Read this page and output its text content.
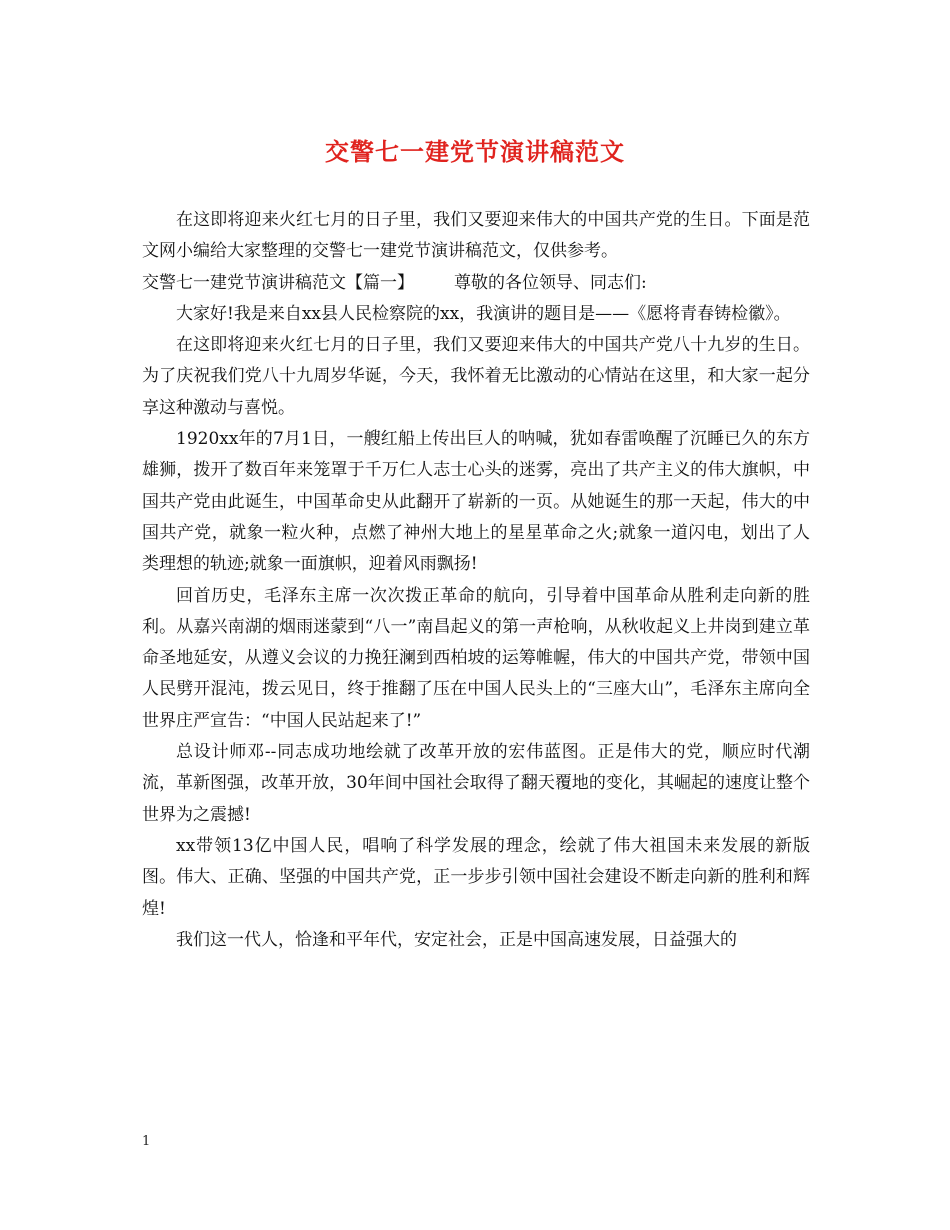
交警七一建党节演讲稿范文

在这即将迎来火红七月的日子里，我们又要迎来伟大的中国共产党的生日。下面是范文网小编给大家整理的交警七一建党节演讲稿范文，仅供参考。

交警七一建党节演讲稿范文【篇一】 尊敬的各位领导、同志们:

大家好!我是来自xx县人民检察院的xx，我演讲的题目是——《愿将青春铸检徽》。

在这即将迎来火红七月的日子里，我们又要迎来伟大的中国共产党八十九岁的生日。为了庆祝我们党八十九周岁华诞，今天，我怀着无比激动的心情站在这里，和大家一起分享这种激动与喜悦。

1920xx年的7月1日，一艘红船上传出巨人的呐喊，犹如春雷唤醒了沉睡已久的东方雄狮，拨开了数百年来笼罩于千万仁人志士心头的迷雾，亮出了共产主义的伟大旗帜，中国共产党由此诞生，中国革命史从此翻开了崭新的一页。从她诞生的那一天起，伟大的中国共产党，就象一粒火种，点燃了神州大地上的星星革命之火;就象一道闪电，划出了人类理想的轨迹;就象一面旗帜，迎着风雨飘扬!

回首历史，毛泽东主席一次次拨正革命的航向，引导着中国革命从胜利走向新的胜利。从嘉兴南湖的烟雨迷蒙到“八一”南昌起义的第一声枪响，从秋收起义上井岗到建立革命圣地延安，从遵义会议的力挽狂澜到西柏坡的运筹帷幄，伟大的中国共产党，带领中国人民劈开混沌，拨云见日，终于推翻了压在中国人民头上的“三座大山”，毛泽东主席向全世界庄严宣告：“中国人民站起来了!”

总设计师邓--同志成功地绘就了改革开放的宏伟蓝图。正是伟大的党，顺应时代潮流，革新图强，改革开放，30年间中国社会取得了翻天覆地的变化，其崛起的速度让整个世界为之震撼!

xx带领13亿中国人民，唱响了科学发展的理念，绘就了伟大祖国未来发展的新版图。伟大、正确、坚强的中国共产党，正一步步引领中国社会建设不断走向新的胜利和辉煌!

我们这一代人，恰逢和平年代，安定社会，正是中国高速发展，日益强大的

1
